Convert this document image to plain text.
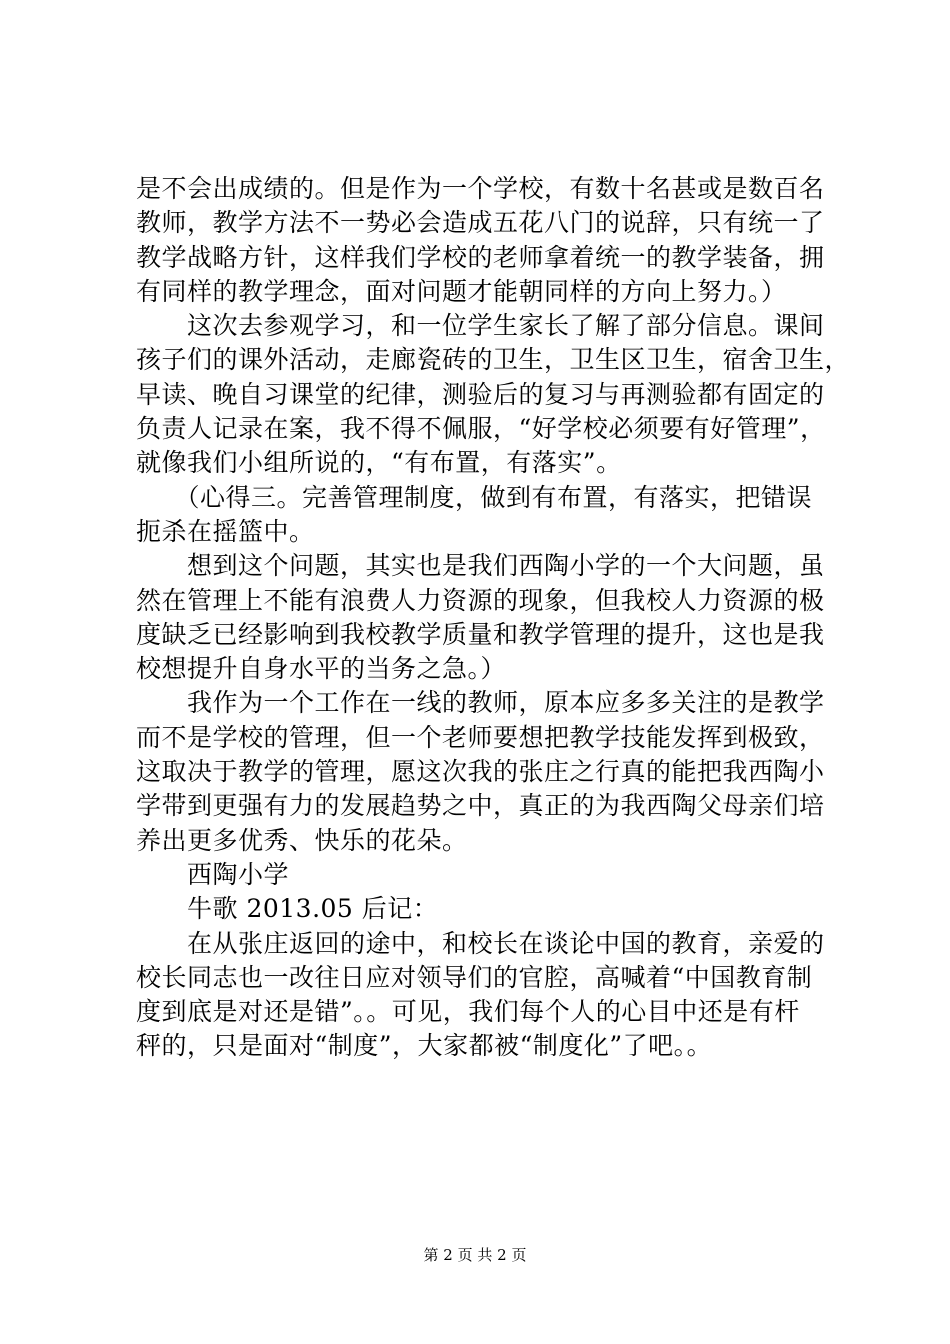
是不会出成绩的。但是作为一个学校，有数十名甚或是数百名
教师，教学方法不一势必会造成五花八门的说辞，只有统一了
教学战略方针，这样我们学校的老师拿着统一的教学装备，拥
有同样的教学理念，面对问题才能朝同样的方向上努力。）
　　这次去参观学习，和一位学生家长了解了部分信息。课间
孩子们的课外活动，走廊瓷砖的卫生，卫生区卫生，宿舍卫生，
早读、晚自习课堂的纪律，测验后的复习与再测验都有固定的
负责人记录在案，我不得不佩服，“好学校必须要有好管理”，
就像我们小组所说的，“有布置，有落实”。
　　（心得三。完善管理制度，做到有布置，有落实，把错误
扼杀在摇篮中。
　　想到这个问题，其实也是我们西陶小学的一个大问题，虽
然在管理上不能有浪费人力资源的现象，但我校人力资源的极
度缺乏已经影响到我校教学质量和教学管理的提升，这也是我
校想提升自身水平的当务之急。）
　　我作为一个工作在一线的教师，原本应多多关注的是教学
而不是学校的管理，但一个老师要想把教学技能发挥到极致，
这取决于教学的管理，愿这次我的张庄之行真的能把我西陶小
学带到更强有力的发展趋势之中，真正的为我西陶父母亲们培
养出更多优秀、快乐的花朵。
　　西陶小学
　　牛歌 2013.05 后记：
　　在从张庄返回的途中，和校长在谈论中国的教育，亲爱的
校长同志也一改往日应对领导们的官腔，高喊着“中国教育制
度到底是对还是错”。。可见，我们每个人的心目中还是有杆
秤的，只是面对“制度”，大家都被“制度化”了吧。。
第 2 页 共 2 页
